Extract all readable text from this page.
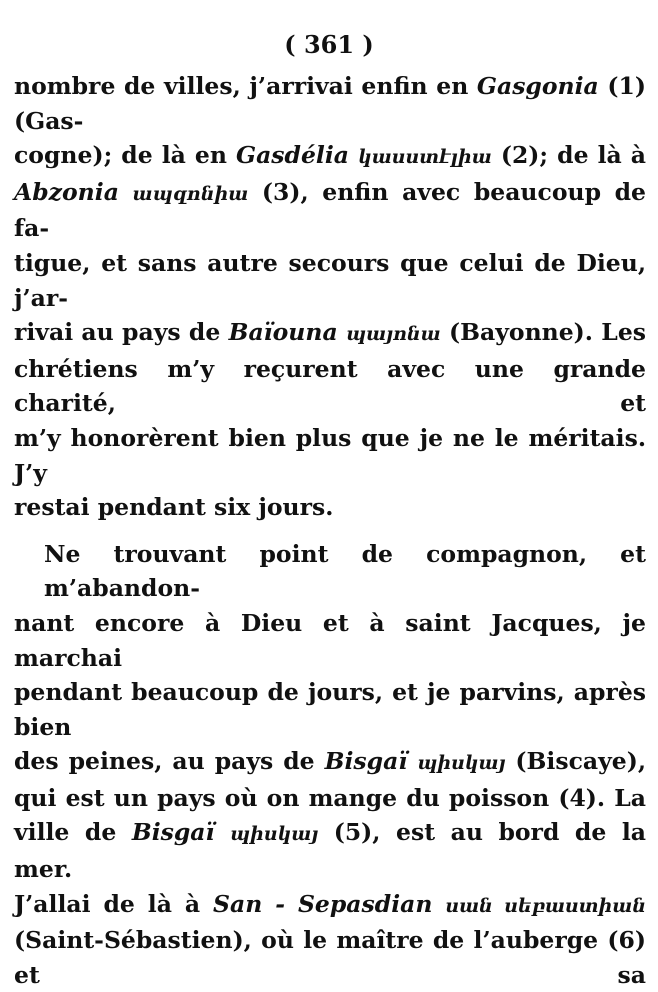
( 361 )
nombre de villes, j’arrivai enfin en Gasgonia (1) (Gas-
cogne); de là en Gasdélia կասստէլիա (2); de là à
Abzonia ապզոնիա (3), enfin avec beaucoup de fa-
tigue, et sans autre secours que celui de Dieu, j’ar-
rivai au pays de Baïouna պայոնա (Bayonne). Les
chrétiens m’y reçurent avec une grande charité, et
m’y honorèrent bien plus que je ne le méritais. J’y
restai pendant six jours.
Ne trouvant point de compagnon, et m’abandon-
nant encore à Dieu et à saint Jacques, je marchai
pendant beaucoup de jours, et je parvins, après bien
des peines, au pays de Bisgaï պիսկայ (Biscaye),
qui est un pays où on mange du poisson (4). La
ville de Bisgaï պիսկայ (5), est au bord de la mer.
J’allai de là à San - Sepasdian սան սեբաստիան
(Saint-Sébastien), où le maître de l’auberge (6) et sa
